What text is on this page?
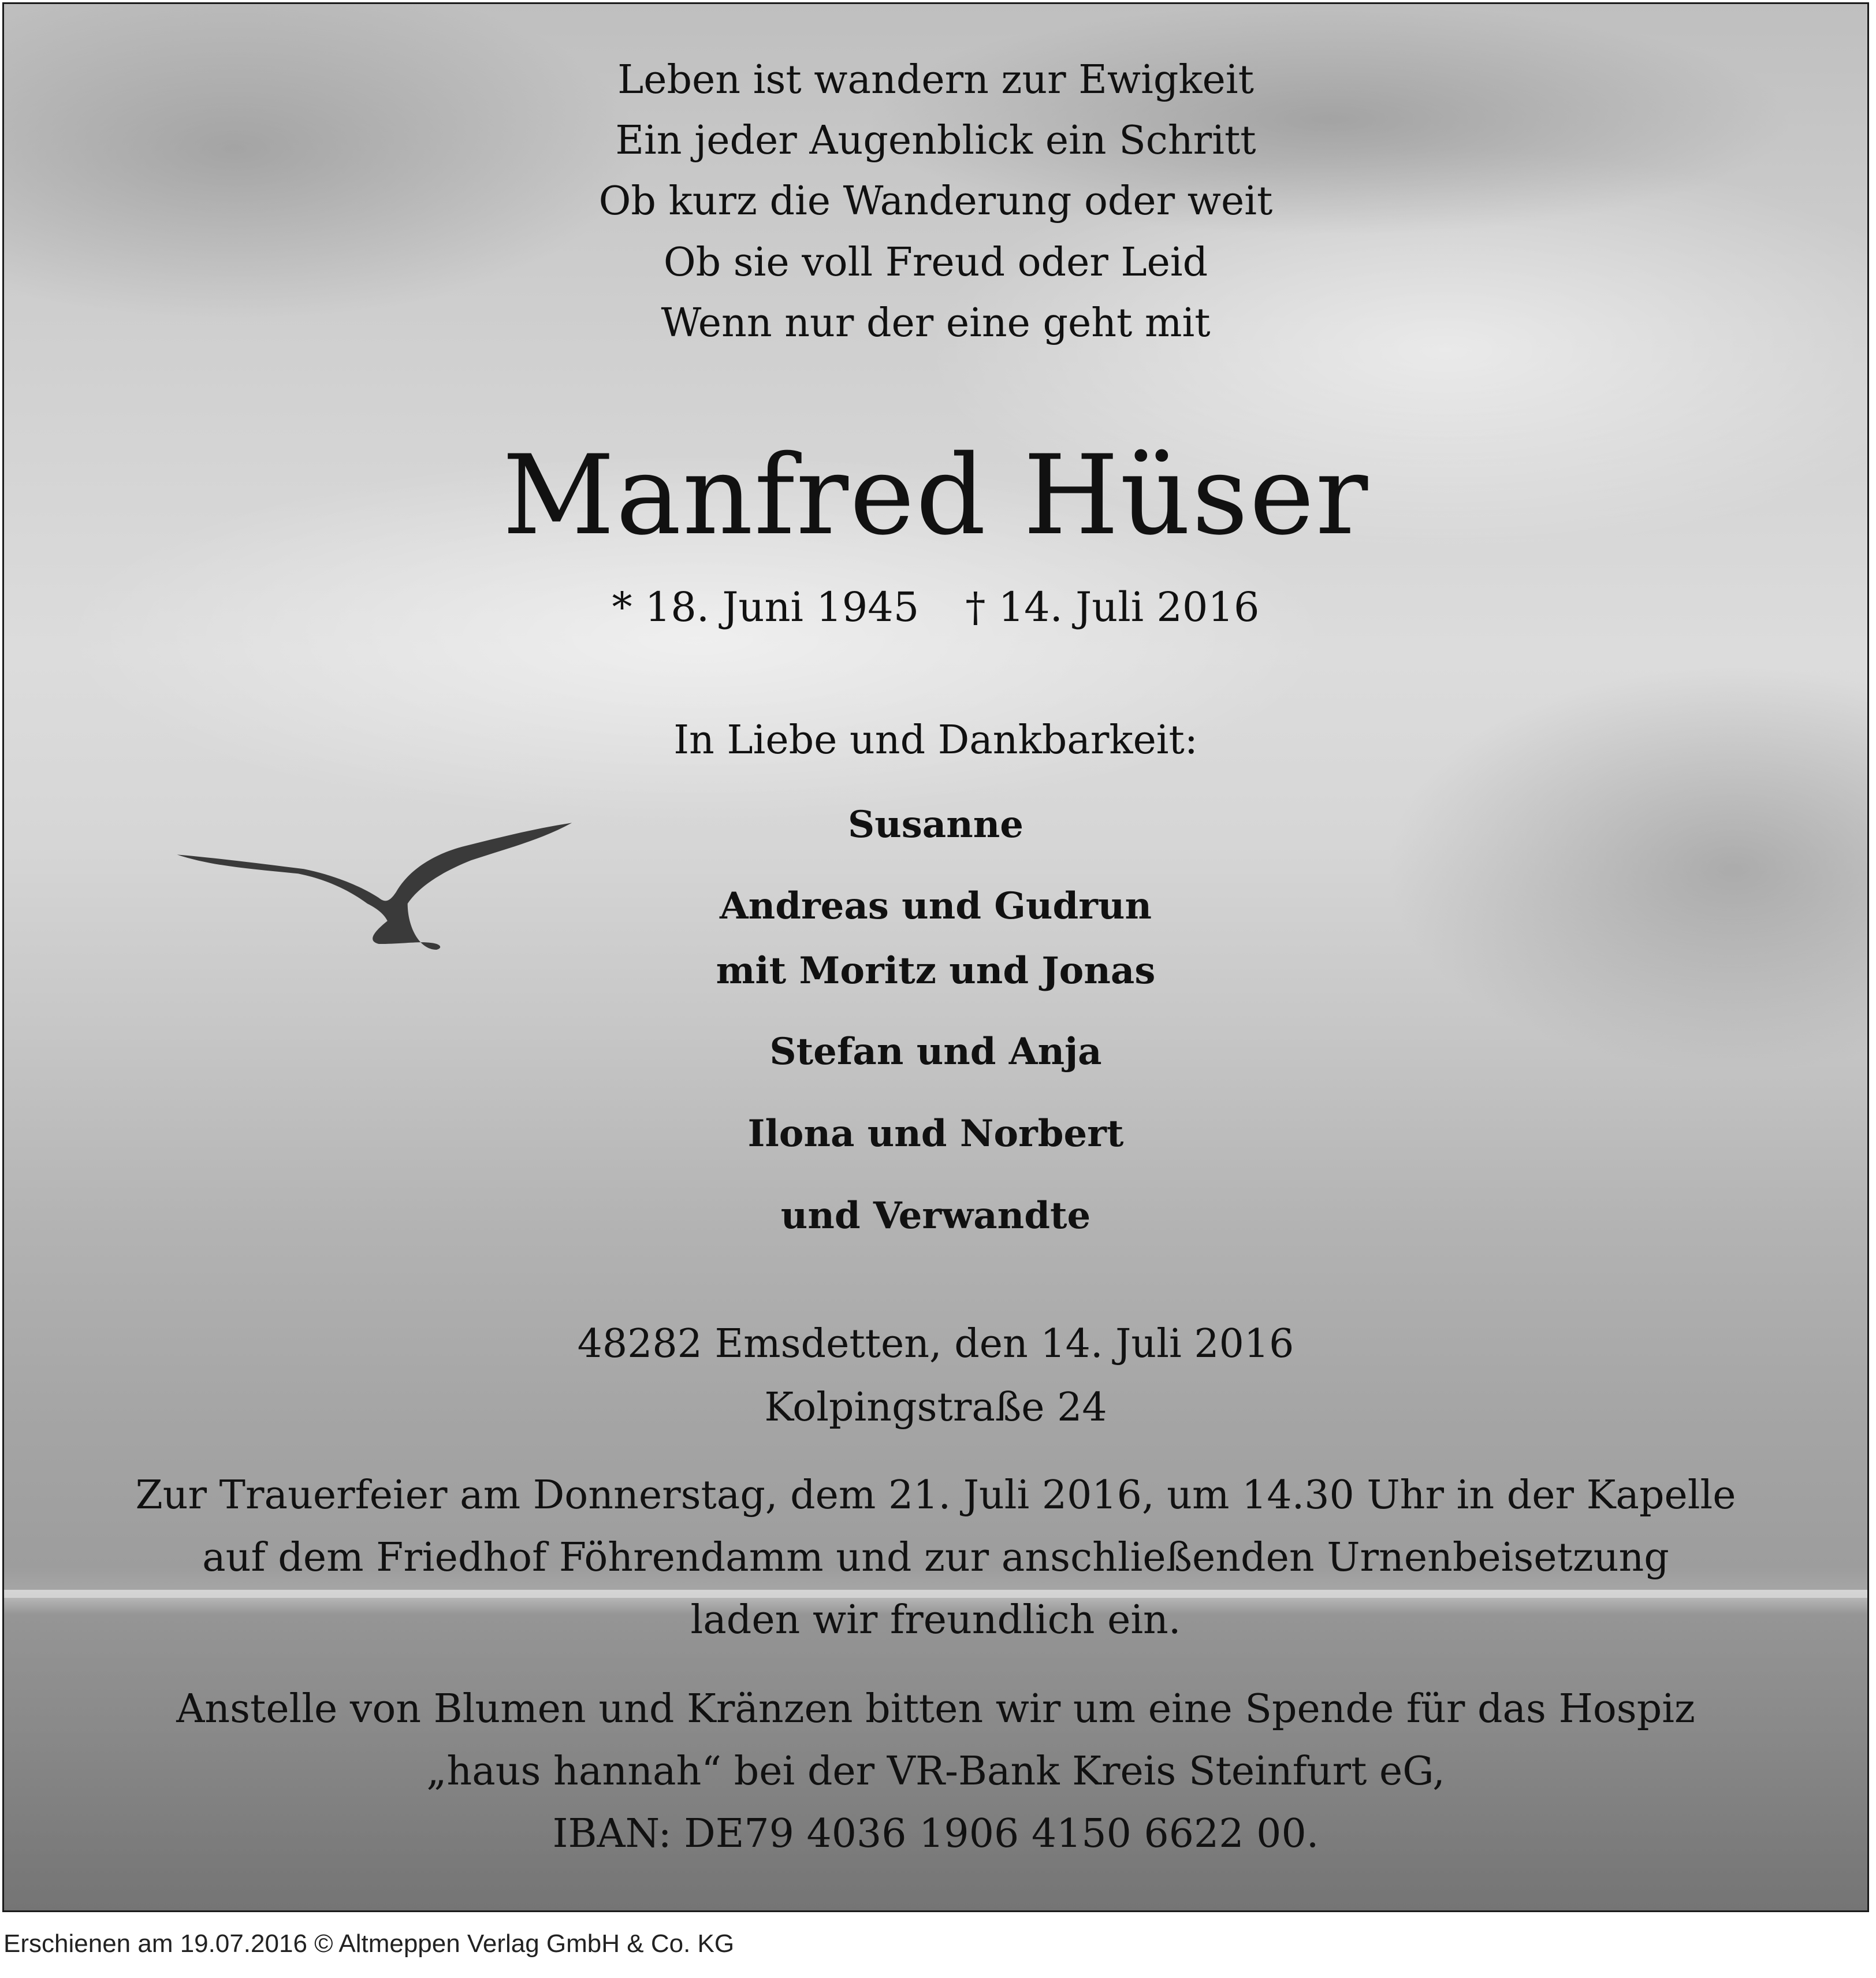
Leben ist wandern zur Ewigkeit

Ein jeder Augenblick ein Schritt

Ob kurz die Wanderung oder weit

Ob sie voll Freud oder Leid

Wenn nur der eine geht mit

Manfred Hüser

* 18. Juni 1945 † 14. Juli 2016

In Liebe und Dankbarkeit:

Susanne

Andreas und Gudrun

mit Moritz und Jonas

Stefan und Anja

Ilona und Norbert

und Verwandte

48282 Emsdetten, den 14. Juli 2016

Kolpingstraße 24

Zur Trauerfeier am Donnerstag, dem 21. Juli 2016, um 14.30 Uhr in der Kapelle

auf dem Friedhof Föhrendamm und zur anschließenden Urnenbeisetzung

laden wir freundlich ein.

Anstelle von Blumen und Kränzen bitten wir um eine Spende für das Hospiz

„haus hannah“ bei der VR-Bank Kreis Steinfurt eG,

IBAN: DE79 4036 1906 4150 6622 00.

Erschienen am 19.07.2016 © Altmeppen Verlag GmbH & Co. KG
